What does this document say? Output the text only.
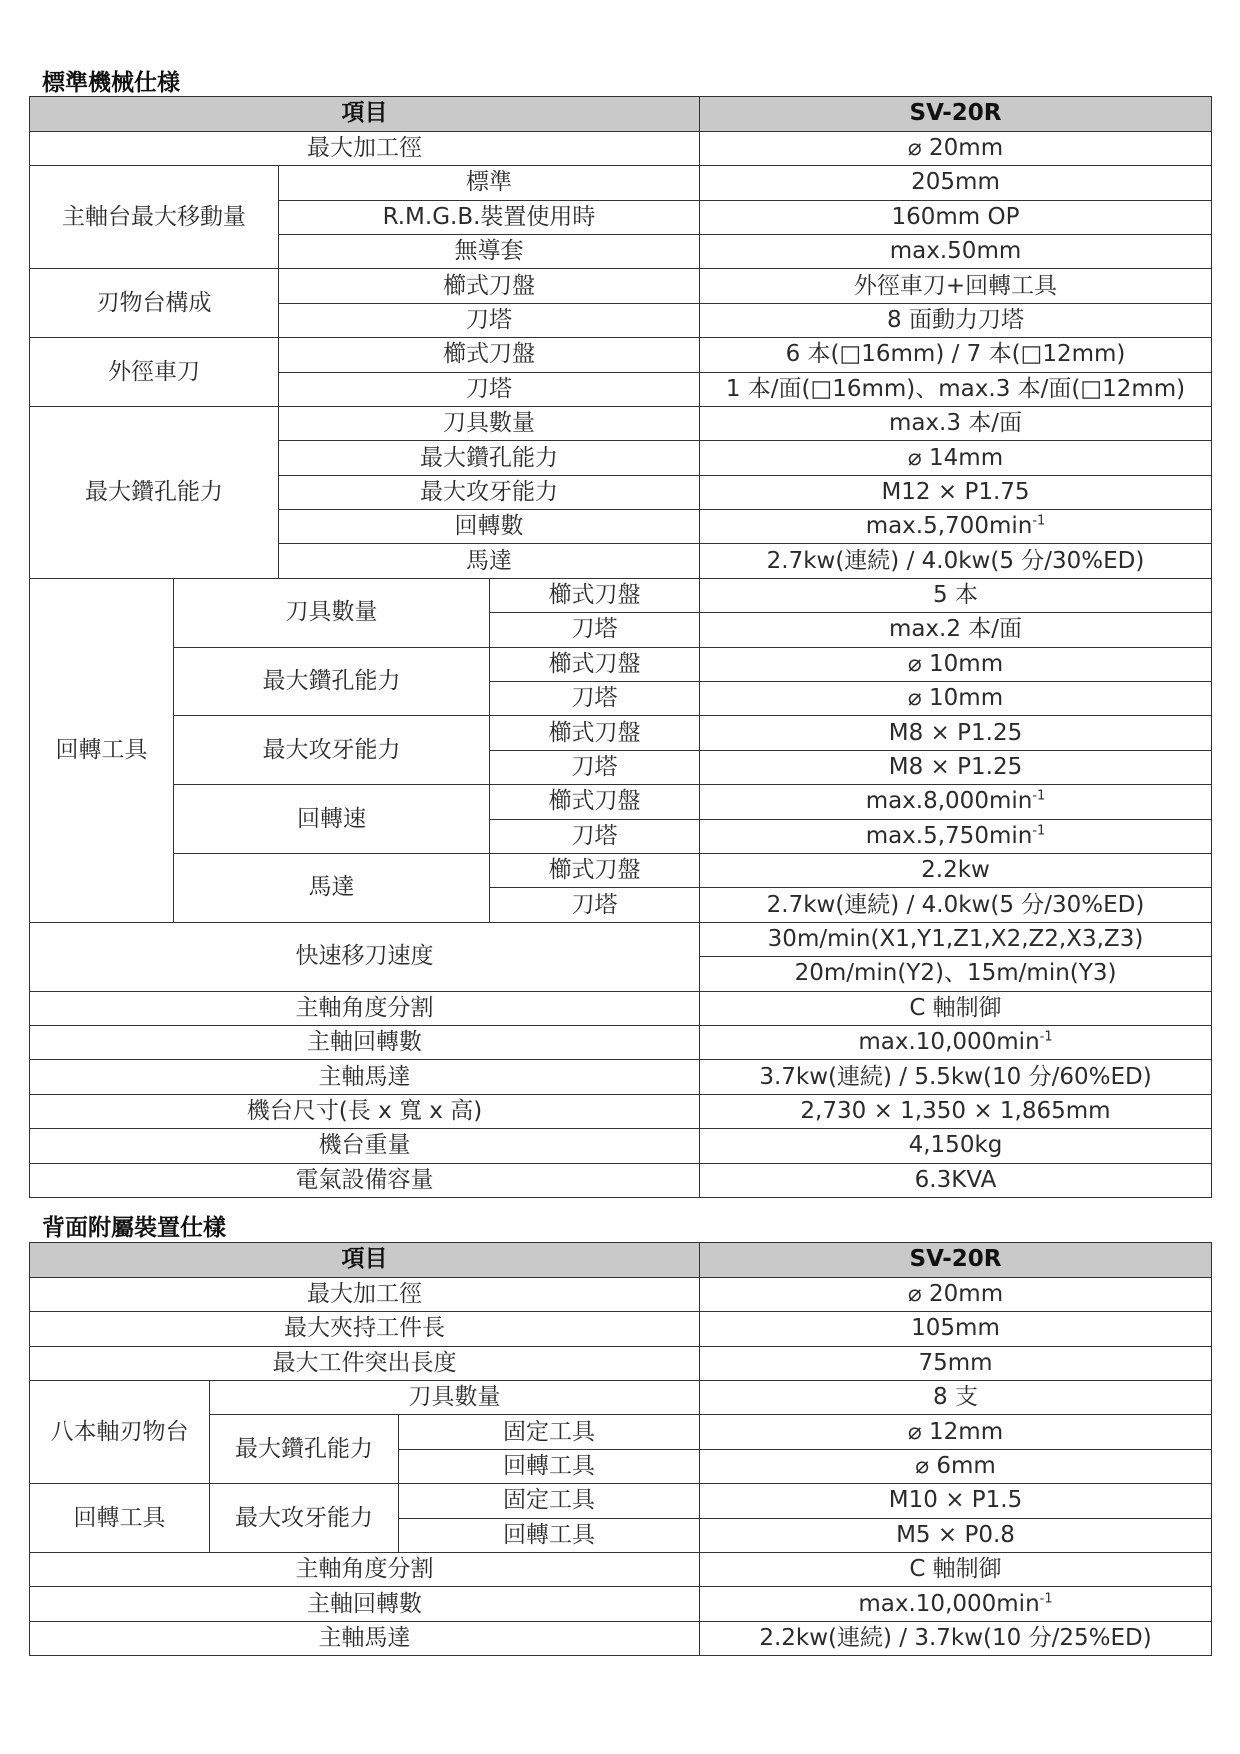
標準機械仕様
項目				SV-20R
最大加工徑				⌀ 20mm
主軸台最大移動量		標準		205mm
		R.M.G.B.裝置使用時		160mm OP
		無導套		max.50mm
刃物台構成		櫛式刀盤		外徑車刀+回轉工具
		刀塔		8 面動力刀塔
外徑車刀		櫛式刀盤		6 本(□16mm) / 7 本(□12mm)
		刀塔		1 本/面(□16mm)、max.3 本/面(□12mm)
最大鑽孔能力		刀具數量		max.3 本/面
		最大鑽孔能力		⌀ 14mm
		最大攻牙能力		M12 × P1.75
		回轉數		$\max.5,700\min^{-1}$
		馬達		2.7kw(連続) / 4.0kw(5 分/30%ED)
回轉工具	刀具數量		櫛式刀盤	5 本
			刀塔	max.2 本/面
	最大鑽孔能力		櫛式刀盤	⌀ 10mm
			刀塔	⌀ 10mm
	最大攻牙能力		櫛式刀盤	M8 × P1.25
			刀塔	M8 × P1.25
	回轉速		櫛式刀盤	$\max.8,000\min^{-1}$
			刀塔	$\max.5,750\min^{-1}$
	馬達		櫛式刀盤	2.2kw
			刀塔	2.7kw(連続) / 4.0kw(5 分/30%ED)
快速移刀速度				30m/min(X1,Y1,Z1,X2,Z2,X3,Z3)
				20m/min(Y2)、15m/min(Y3)
主軸角度分割				C 軸制御
主軸回轉數				$\max.10,000\min^{-1}$
主軸馬達				3.7kw(連続) / 5.5kw(10 分/60%ED)
機台尺寸(長 x 寬 x 高)				2,730 × 1,350 × 1,865mm
機台重量				4,150kg
電氣設備容量				6.3KVA
背面附屬裝置仕樣
項目			SV-20R
最大加工徑			⌀ 20mm
最大夾持工件長			105mm
最大工件突出長度			75mm
八本軸刃物台	刀具數量		8 支
	最大鑽孔能力	固定工具	⌀ 12mm
		回轉工具	⌀ 6mm
回轉工具	最大攻牙能力	固定工具	M10 × P1.5
		回轉工具	M5 × P0.8
主軸角度分割			C 軸制御
主軸回轉數			$\max.10,000\min^{-1}$
主軸馬達			2.2kw(連続) / 3.7kw(10 分/25%ED)
